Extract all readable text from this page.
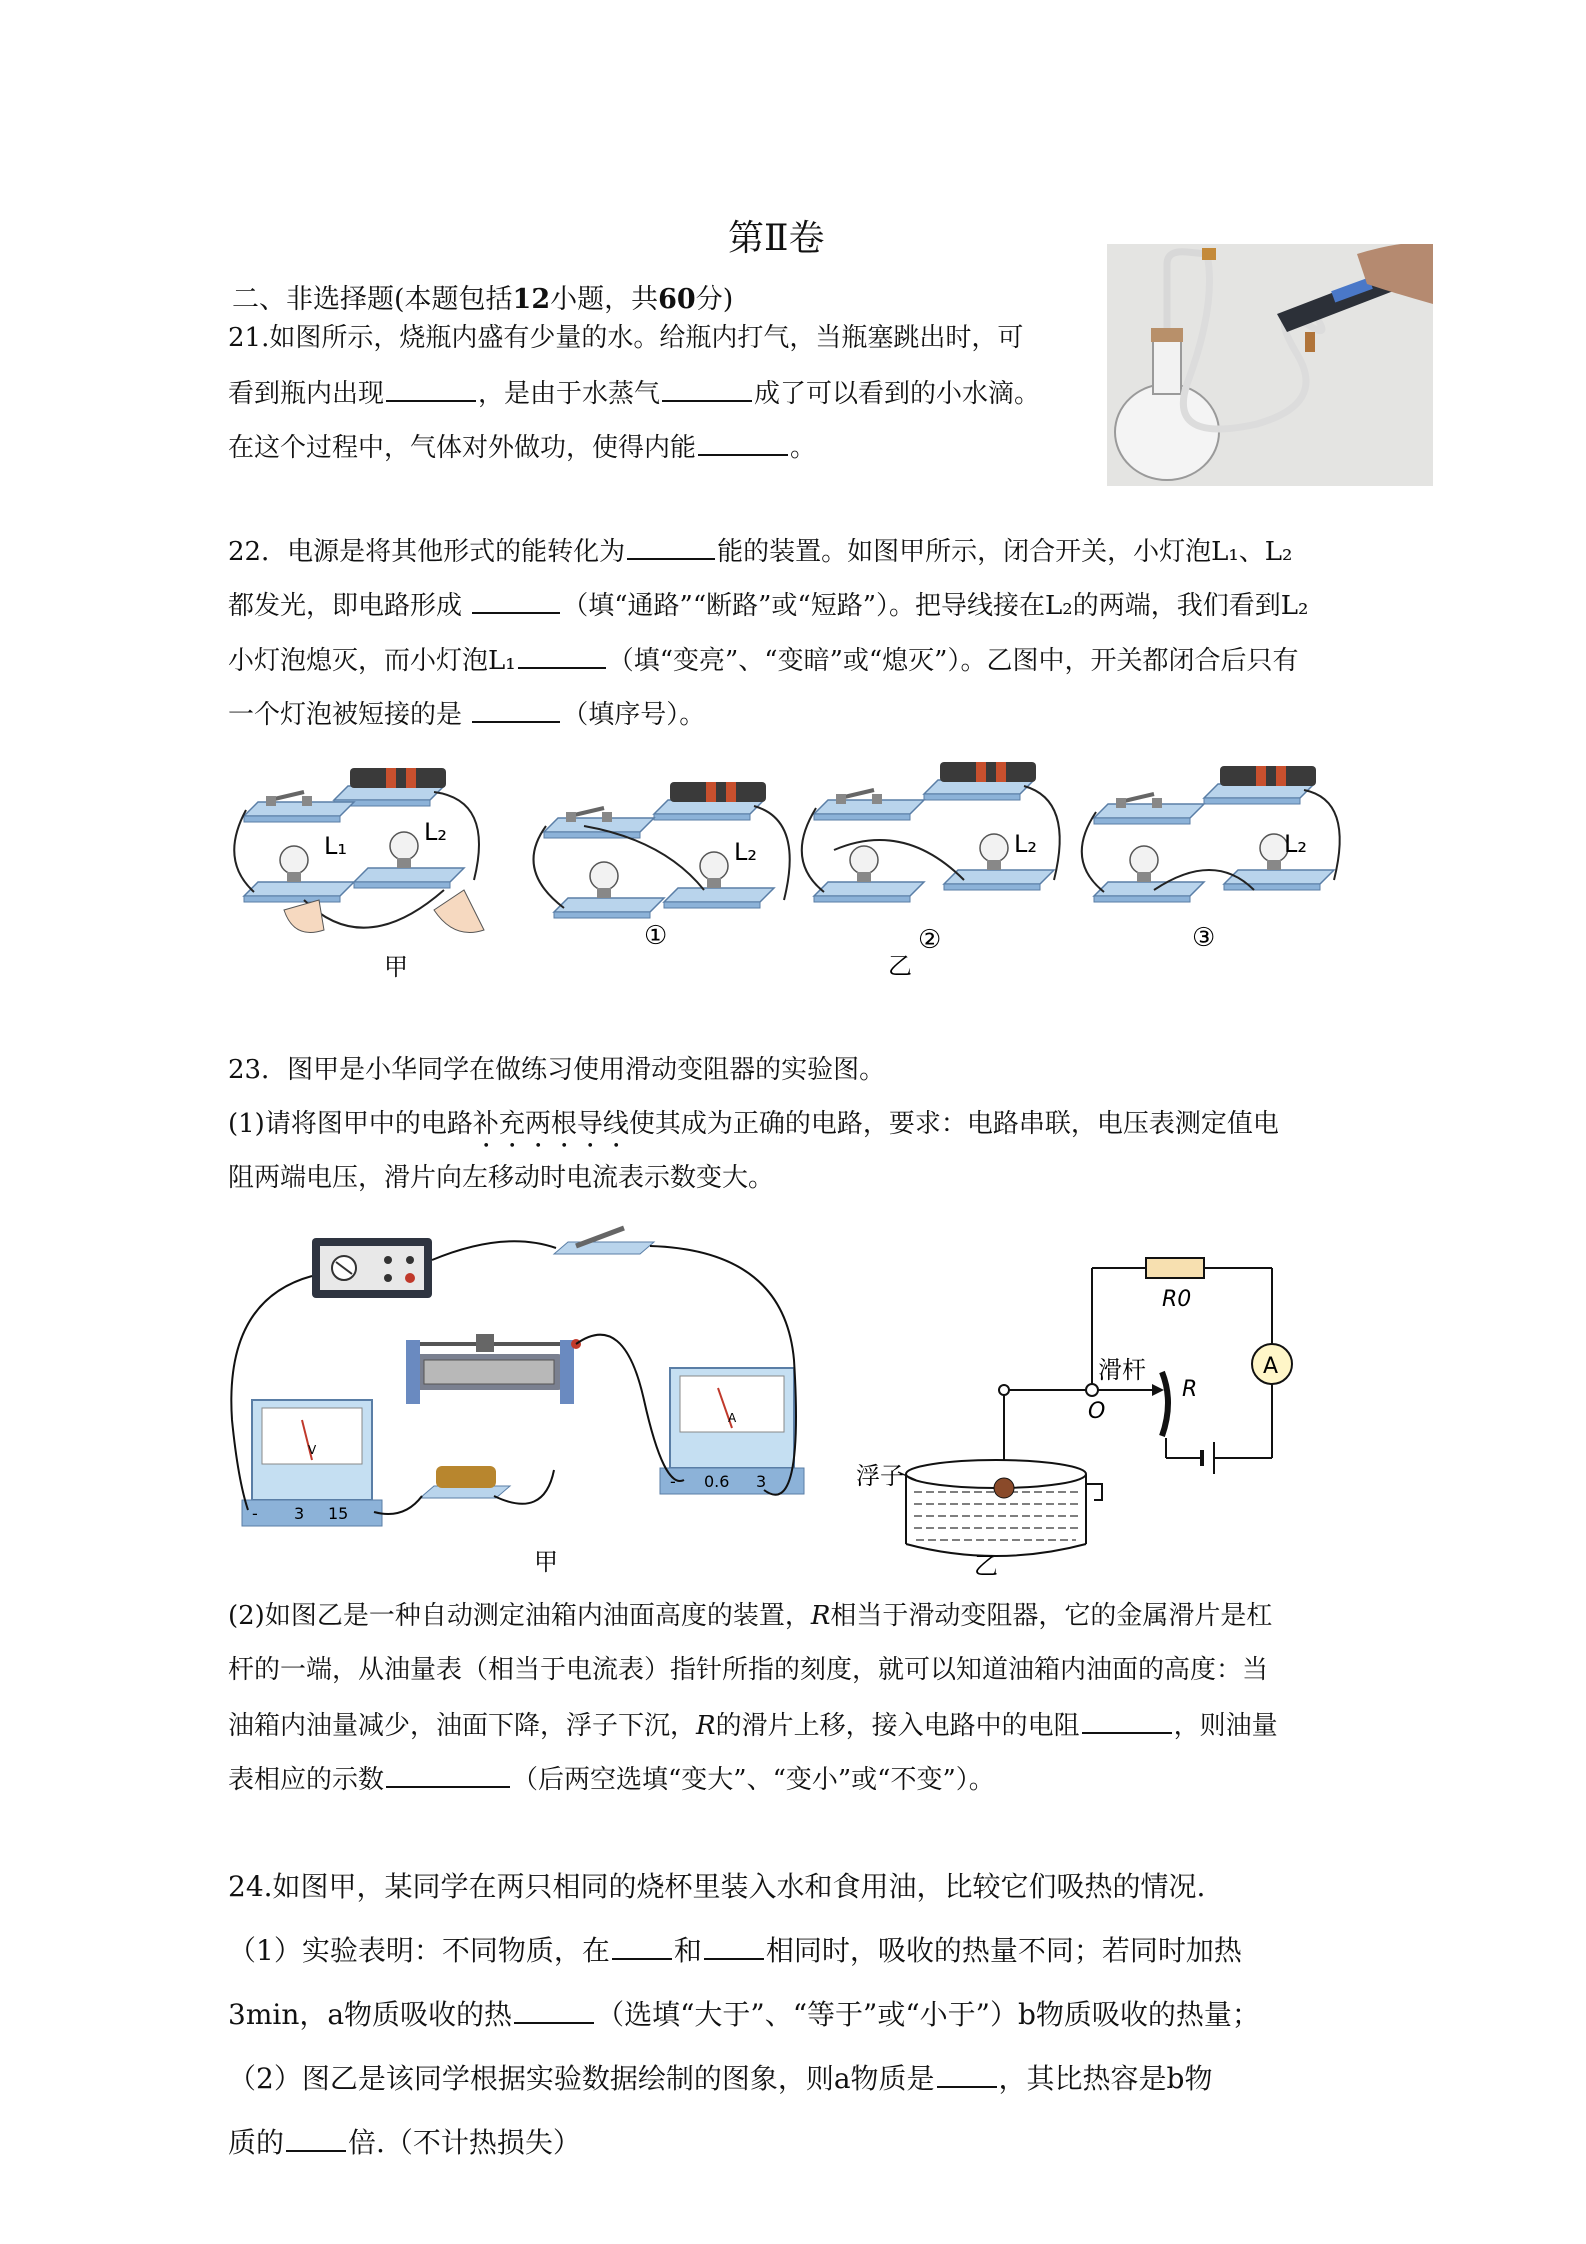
第Ⅱ卷
二、非选择题(本题包括12小题，共60分)
21.如图所示，烧瓶内盛有少量的水。给瓶内打气，当瓶塞跳出时，可
看到瓶内出现	，是由于水蒸气	成了可以看到的小水滴。
在这个过程中，气体对外做功，使得内能	。
22．电源是将其他形式的能转化为	能的装置。如图甲所示，闭合开关，小灯泡L₁、L₂
都发光，即电路形成	（填“通路”“断路”或“短路”）。把导线接在L₂的两端，我们看到L₂
小灯泡熄灭，而小灯泡L₁	（填“变亮”、“变暗”或“熄灭”）。乙图中，开关都闭合后只有
一个灯泡被短接的是	（填序号）。
L₁	L₂
甲
L₂
①
L₂
②
乙
L₂
③
23．图甲是小华同学在做练习使用滑动变阻器的实验图。
(1)请将图甲中的电路补充两根导线使其成为正确的电路，要求：电路串联，电压表测定值电
阻两端电压，滑片向左移动时电流表示数变大。
V
- 3 15
A
- 0.6 3
甲
A
浮子
滑杆
O
R
R0
乙
(2)如图乙是一种自动测定油箱内油面高度的装置，R相当于滑动变阻器，它的金属滑片是杠
杆的一端，从油量表（相当于电流表）指针所指的刻度，就可以知道油箱内油面的高度：当
油箱内油量减少，油面下降，浮子下沉，R的滑片上移，接入电路中的电阻	，则油量
表相应的示数	（后两空选填“变大”、“变小”或“不变”）。
24.如图甲，某同学在两只相同的烧杯里装入水和食用油，比较它们吸热的情况.
（1）实验表明：不同物质，在 和 相同时，吸收的热量不同；若同时加热
3min，a物质吸收的热	（选填“大于”、“等于”或“小于”）b物质吸收的热量；
（2）图乙是该同学根据实验数据绘制的图象，则a物质是 ，其比热容是b物
质的 倍.（不计热损失）
